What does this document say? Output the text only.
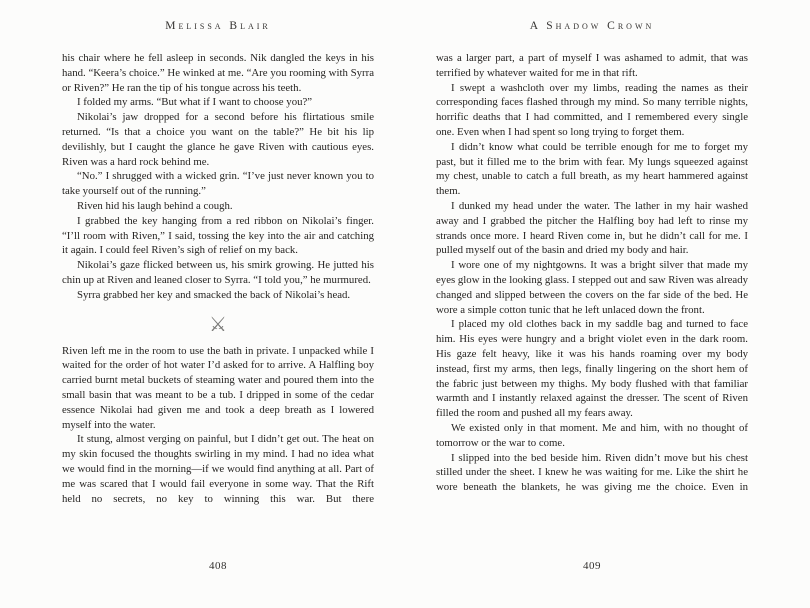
Melissa Blair

his chair where he fell asleep in seconds. Nik dangled the keys in his hand. “Keera’s choice.” He winked at me. “Are you rooming with Syrra or Riven?” He ran the tip of his tongue across his teeth.

I folded my arms. “But what if I want to choose you?”

Nikolai’s jaw dropped for a second before his flirtatious smile returned. “Is that a choice you want on the table?” He bit his lip devilishly, but I caught the glance he gave Riven with cautious eyes. Riven was a hard rock behind me.

“No.” I shrugged with a wicked grin. “I’ve just never known you to take yourself out of the running.”

Riven hid his laugh behind a cough.

I grabbed the key hanging from a red ribbon on Nikolai’s finger. “I’ll room with Riven,” I said, tossing the key into the air and catching it again. I could feel Riven’s sigh of relief on my back.

Nikolai’s gaze flicked between us, his smirk growing. He jutted his chin up at Riven and leaned closer to Syrra. “I told you,” he murmured.

Syrra grabbed her key and smacked the back of Nikolai’s head.

⚔

Riven left me in the room to use the bath in private. I unpacked while I waited for the order of hot water I’d asked for to arrive. A Halfling boy carried burnt metal buckets of steaming water and poured them into the small basin that was meant to be a tub. I dripped in some of the cedar essence Nikolai had given me and took a deep breath as I lowered myself into the water.

It stung, almost verging on painful, but I didn’t get out. The heat on my skin focused the thoughts swirling in my mind. I had no idea what we would find in the morning—if we would find anything at all. Part of me was scared that I would fail everyone in some way. That the Rift held no secrets, no key to winning this war. But there

A Shadow Crown

was a larger part, a part of myself I was ashamed to admit, that was terrified by whatever waited for me in that rift.

I swept a washcloth over my limbs, reading the names as their corresponding faces flashed through my mind. So many terrible nights, horrific deaths that I had committed, and I remembered every single one. Even when I had spent so long trying to forget them.

I didn’t know what could be terrible enough for me to forget my past, but it filled me to the brim with fear. My lungs squeezed against my chest, unable to catch a full breath, as my heart hammered against them.

I dunked my head under the water. The lather in my hair washed away and I grabbed the pitcher the Halfling boy had left to rinse my strands once more. I heard Riven come in, but he didn’t call for me. I pulled myself out of the basin and dried my body and hair.

I wore one of my nightgowns. It was a bright silver that made my eyes glow in the looking glass. I stepped out and saw Riven was already changed and slipped between the covers on the far side of the bed. He wore a simple cotton tunic that he left unlaced down the front.

I placed my old clothes back in my saddle bag and turned to face him. His eyes were hungry and a bright violet even in the dark room. His gaze felt heavy, like it was his hands roaming over my body instead, first my arms, then legs, finally lingering on the short hem of the fabric just between my thighs. My body flushed with that familiar warmth and I instantly relaxed against the dresser. The scent of Riven filled the room and pushed all my fears away.

We existed only in that moment. Me and him, with no thought of tomorrow or the war to come.

I slipped into the bed beside him. Riven didn’t move but his chest stilled under the sheet. I knew he was waiting for me. Like the shirt he wore beneath the blankets, he was giving me the choice. Even in

408	409
